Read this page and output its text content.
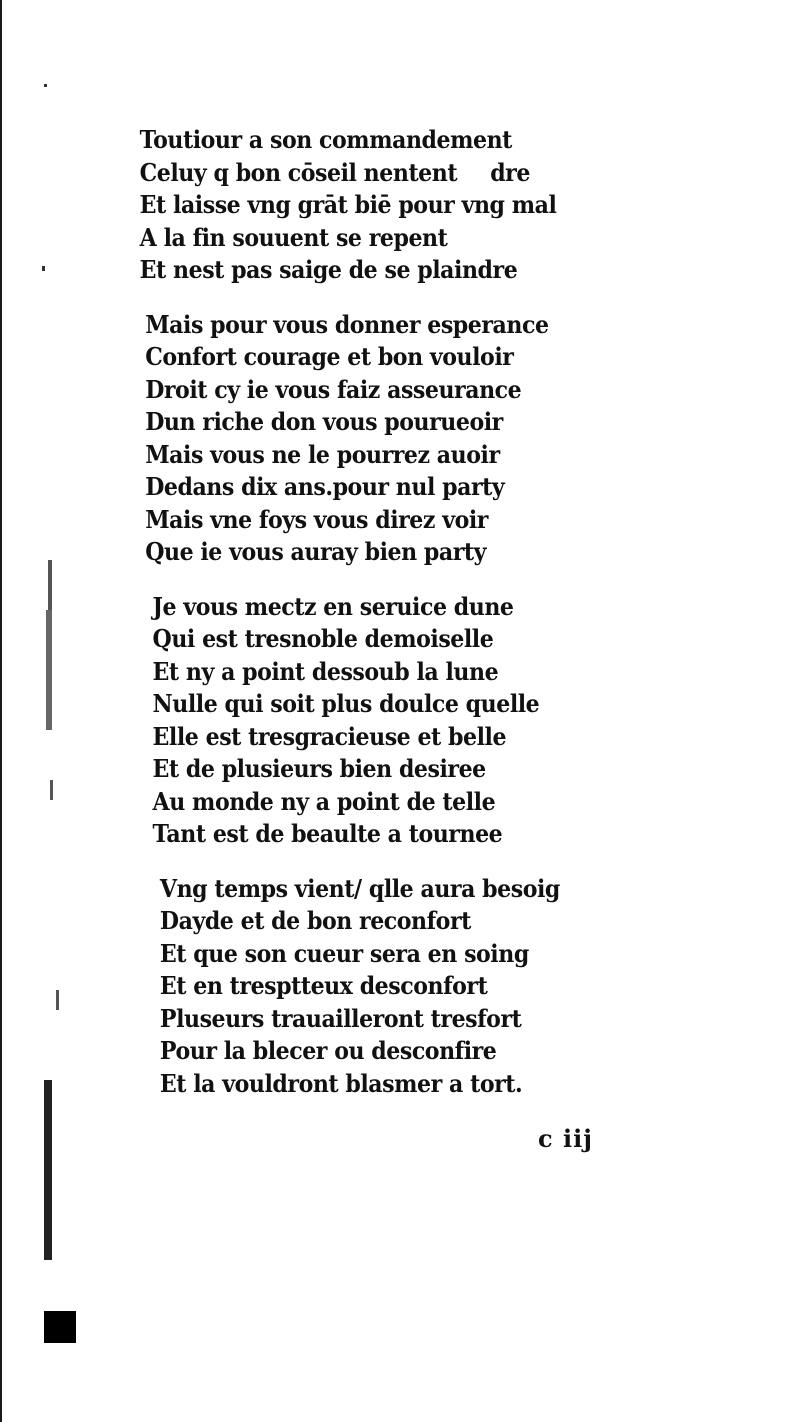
Toutiour a son commandement
Celuy q bon cōseil nentent dre
Et laisse vng grāt biē pour vng mal
A la fin souuent se repent
Et nest pas saige de se plaindre
Mais pour vous donner esperance
Confort courage et bon vouloir
Droit cy ie vous faiz asseurance
Dun riche don vous pourueoir
Mais vous ne le pourrez auoir
Dedans dix ans.pour nul party
Mais vne foys vous direz voir
Que ie vous auray bien party
Je vous mectz en seruice dune
Qui est tresnoble demoiselle
Et ny a point dessoub la lune
Nulle qui soit plus doulce quelle
Elle est tresgracieuse et belle
Et de plusieurs bien desiree
Au monde ny a point de telle
Tant est de beaulte a tournee
Vng temps vient/ qlle aura besoig
Dayde et de bon reconfort
Et que son cueur sera en soing
Et en tresptteux desconfort
Pluseurs trauailleront tresfort
Pour la blecer ou desconfire
Et la vouldront blasmer a tort.
c iij
